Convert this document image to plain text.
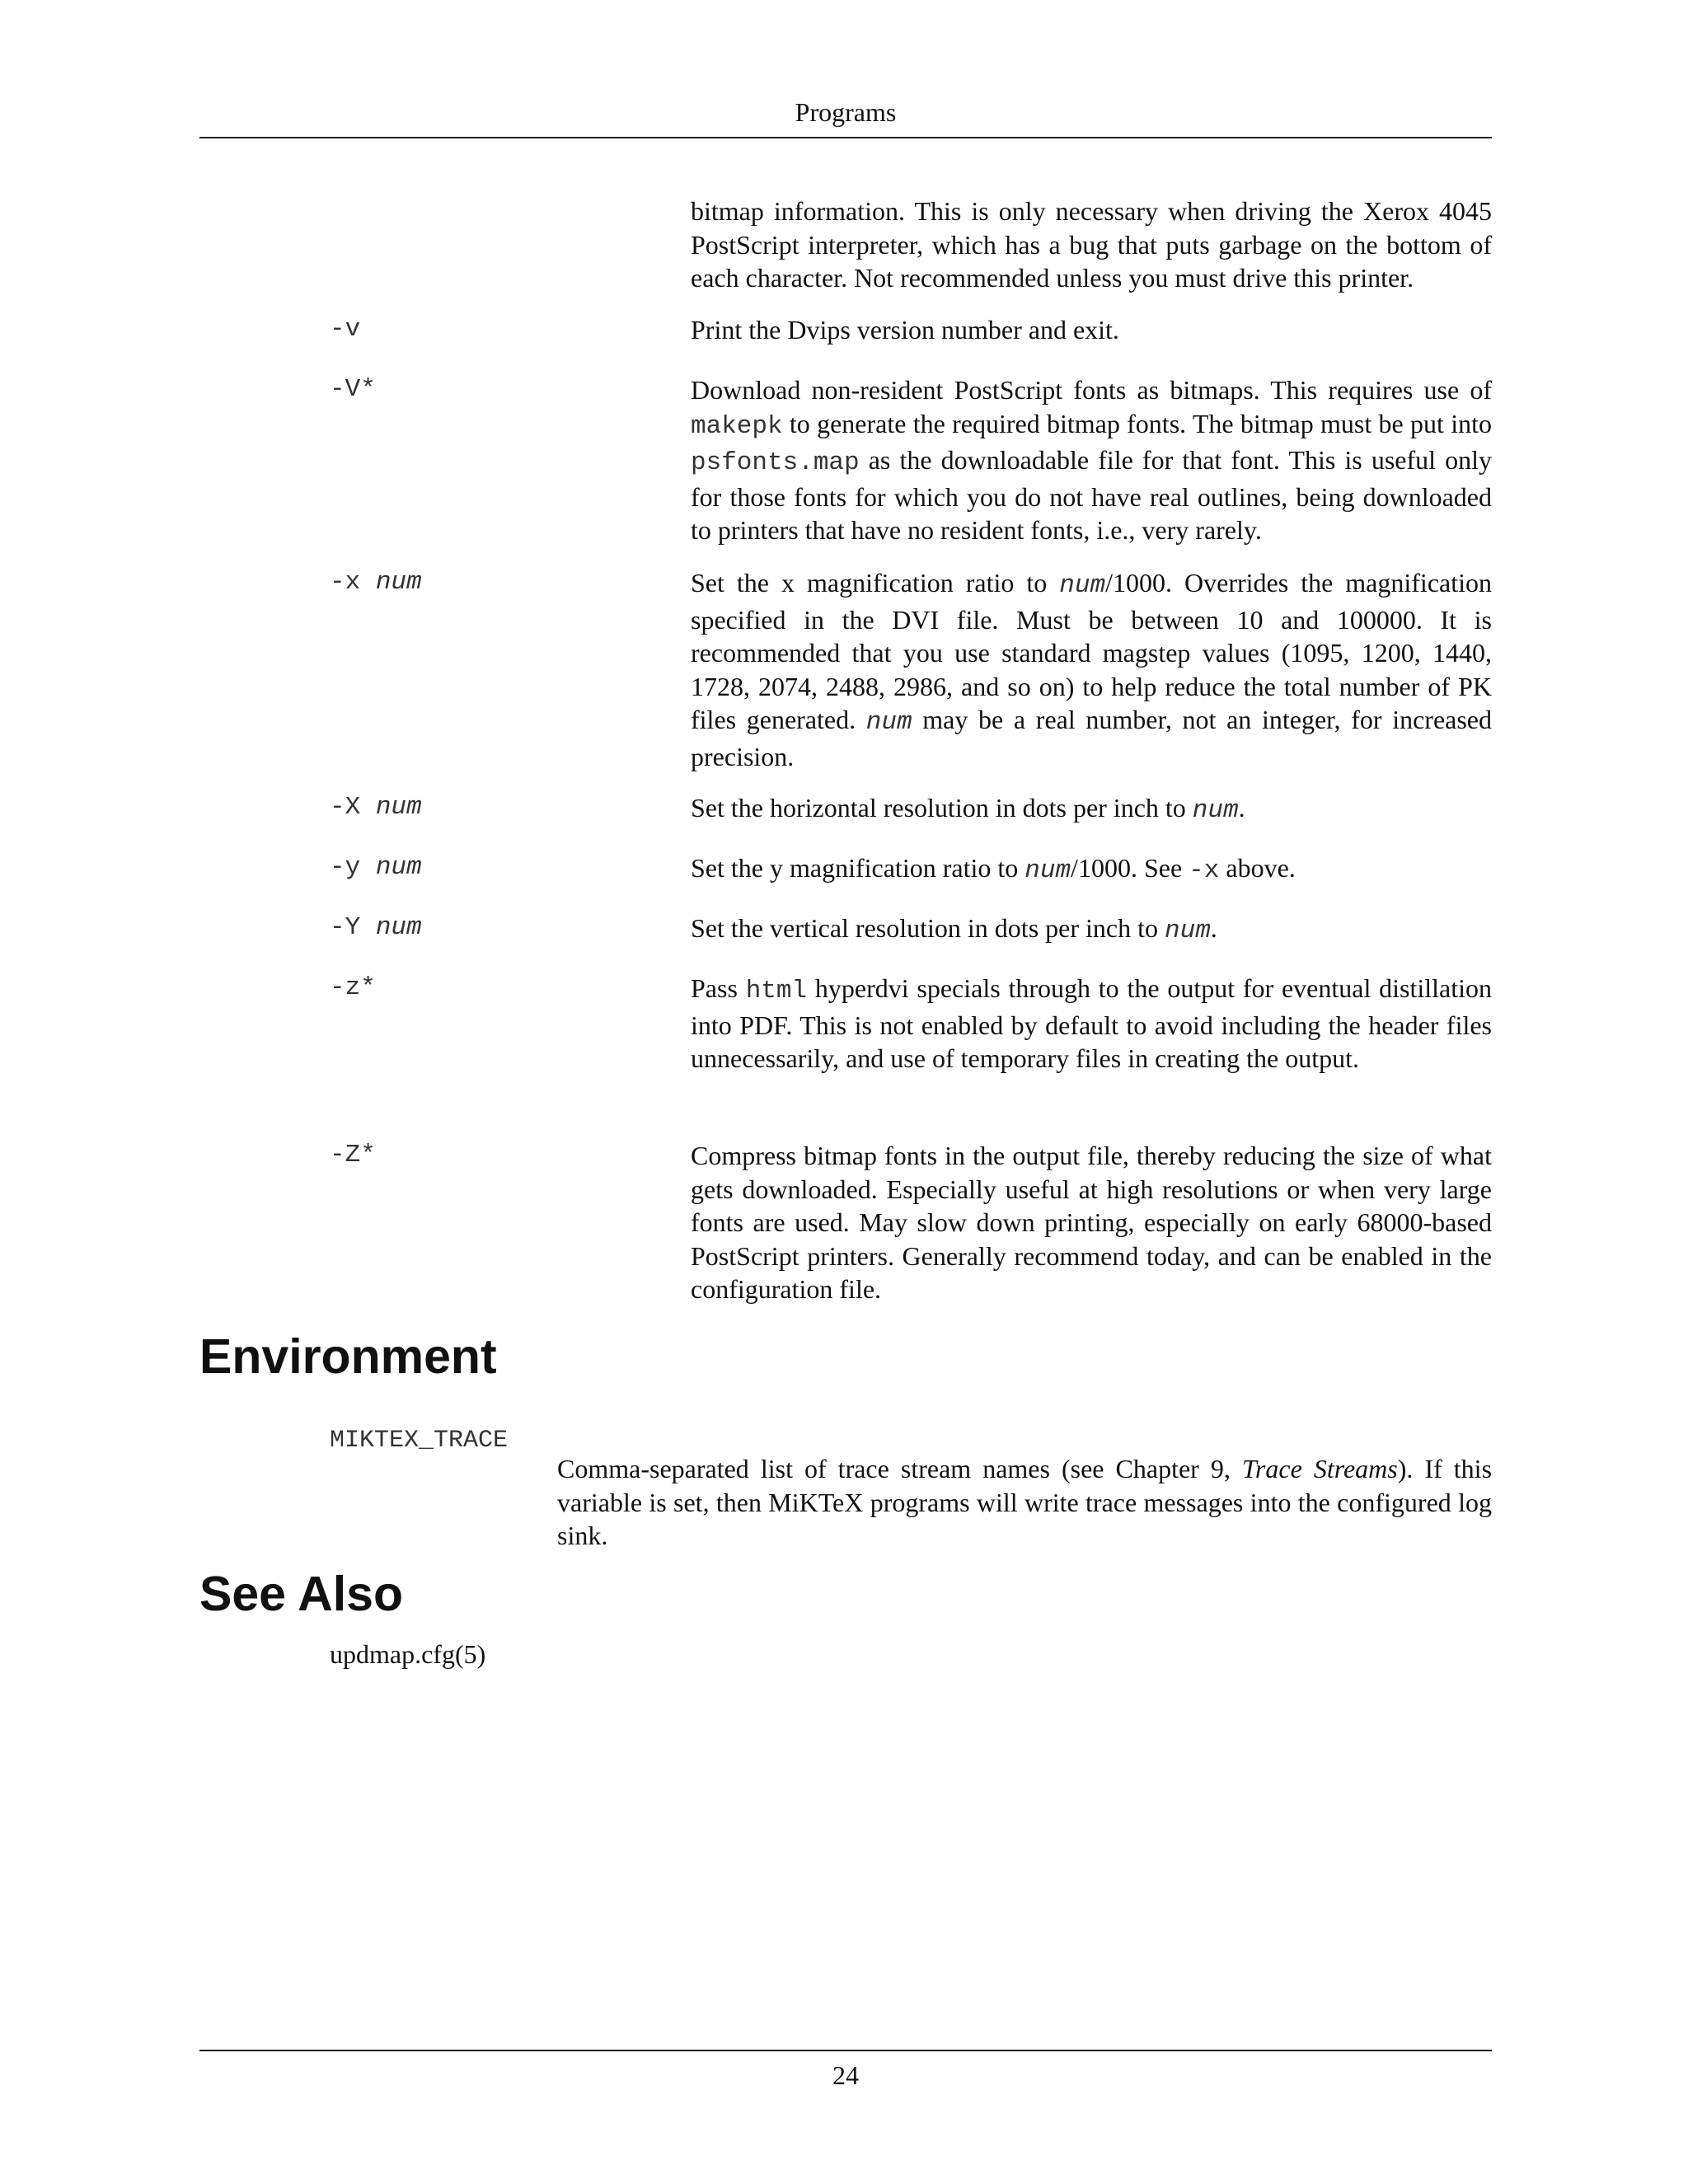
Programs
bitmap information. This is only necessary when driving the Xerox 4045 PostScript interpreter, which has a bug that puts garbage on the bottom of each character. Not recommended unless you must drive this printer.
-v	Print the Dvips version number and exit.
-V*	Download non-resident PostScript fonts as bitmaps. This requires use of makepk to generate the required bitmap fonts. The bitmap must be put into psfonts.map as the downloadable file for that font. This is useful only for those fonts for which you do not have real outlines, being downloaded to printers that have no resident fonts, i.e., very rarely.
-x num	Set the x magnification ratio to num/1000. Overrides the magnification specified in the DVI file. Must be between 10 and 100000. It is recommended that you use standard magstep values (1095, 1200, 1440, 1728, 2074, 2488, 2986, and so on) to help reduce the total number of PK files generated. num may be a real number, not an integer, for increased precision.
-X num	Set the horizontal resolution in dots per inch to num.
-y num	Set the y magnification ratio to num/1000. See -x above.
-Y num	Set the vertical resolution in dots per inch to num.
-z*	Pass html hyperdvi specials through to the output for eventual distillation into PDF. This is not enabled by default to avoid including the header files unnecessarily, and use of temporary files in creating the output.
-Z*	Compress bitmap fonts in the output file, thereby reducing the size of what gets downloaded. Especially useful at high resolutions or when very large fonts are used. May slow down printing, especially on early 68000-based PostScript printers. Generally recommend today, and can be enabled in the configuration file.
Environment
MIKTEX_TRACE
Comma-separated list of trace stream names (see Chapter 9, Trace Streams). If this variable is set, then MiKTeX programs will write trace messages into the configured log sink.
See Also
updmap.cfg(5)
24
